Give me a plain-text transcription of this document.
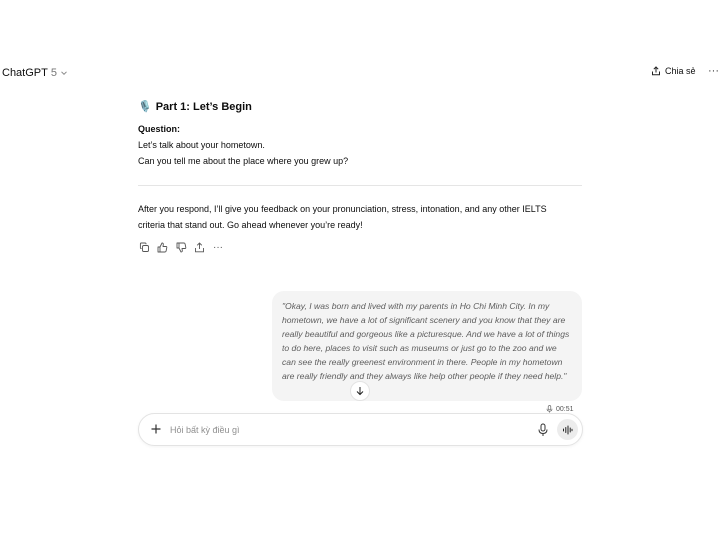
ChatGPT 5	Chia sẻ ···
🎙️ Part 1: Let’s Begin
Question:
Let’s talk about your hometown.
Can you tell me about the place where you grew up?
After you respond, I’ll give you feedback on your pronunciation, stress, intonation, and any other IELTS
criteria that stand out. Go ahead whenever you’re ready!
···
"Okay, I was born and lived with my parents in Ho Chi Minh City. In my hometown, we have a lot of significant scenery and you know that they are really beautiful and gorgeous like a picturesque. And we have a lot of things to do here, places to visit such as museums or just go to the zoo and we can see the really greenest environment in there. People in my hometown are really friendly and they always like help other people if they need help."
00:51
Hỏi bất kỳ điều gì
